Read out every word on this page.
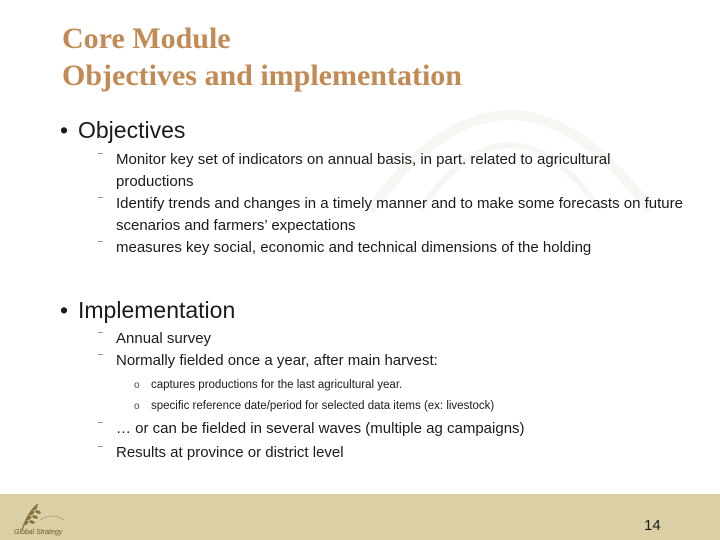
Core Module
Objectives and implementation
• Objectives
⁻ Monitor key set of indicators on annual basis, in part. related to agricultural productions
⁻ Identify trends and changes in a timely manner and to make some forecasts on future scenarios and farmers’ expectations
⁻ measures key social, economic and technical dimensions of the holding
• Implementation
⁻ Annual survey
⁻ Normally fielded once a year, after main harvest:
o captures productions for the last agricultural year.
o specific reference date/period for selected data items (ex: livestock)
⁻ … or can be fielded in several waves (multiple ag campaigns)
⁻ Results at province or district level
Global Strategy	14
